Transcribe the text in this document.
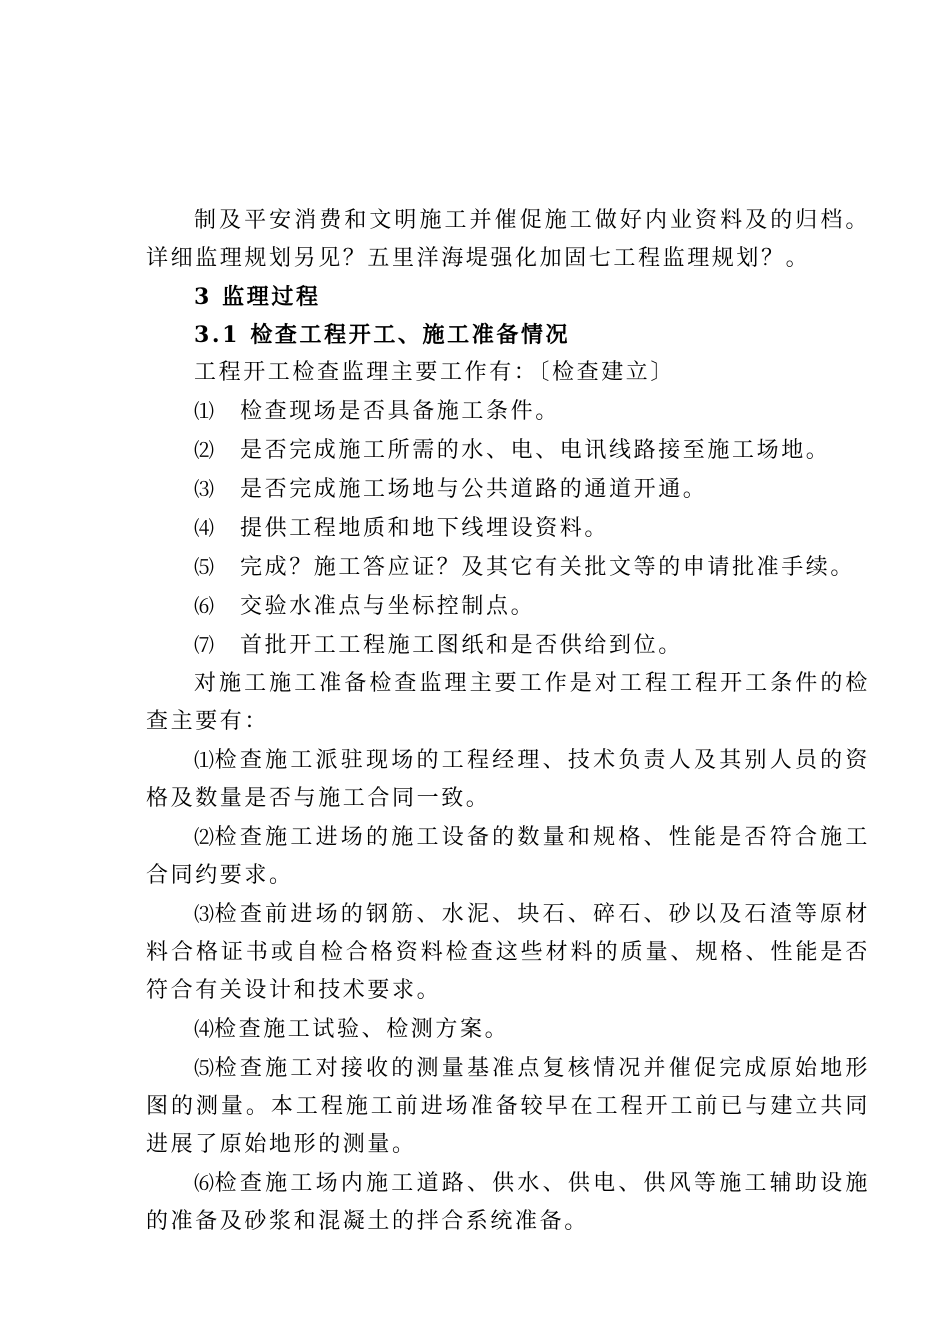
制及平安消费和文明施工并催促施工做好内业资料及的归档。详细监理规划另见？五里洋海堤强化加固七工程监理规划？。

3 监理过程

3.1 检查工程开工、施工准备情况

工程开工检查监理主要工作有：〔检查建立〕

⑴ 检查现场是否具备施工条件。

⑵ 是否完成施工所需的水、电、电讯线路接至施工场地。

⑶ 是否完成施工场地与公共道路的通道开通。

⑷ 提供工程地质和地下线埋设资料。

⑸ 完成？施工答应证？及其它有关批文等的申请批准手续。

⑹ 交验水准点与坐标控制点。

⑺ 首批开工工程施工图纸和是否供给到位。

对施工施工准备检查监理主要工作是对工程工程开工条件的检查主要有：

⑴检查施工派驻现场的工程经理、技术负责人及其别人员的资格及数量是否与施工合同一致。

⑵检查施工进场的施工设备的数量和规格、性能是否符合施工合同约要求。

⑶检查前进场的钢筋、水泥、块石、碎石、砂以及石渣等原材料合格证书或自检合格资料检查这些材料的质量、规格、性能是否符合有关设计和技术要求。

⑷检查施工试验、检测方案。

⑸检查施工对接收的测量基准点复核情况并催促完成原始地形图的测量。本工程施工前进场准备较早在工程开工前已与建立共同进展了原始地形的测量。

⑹检查施工场内施工道路、供水、供电、供风等施工辅助设施的准备及砂浆和混凝土的拌合系统准备。
